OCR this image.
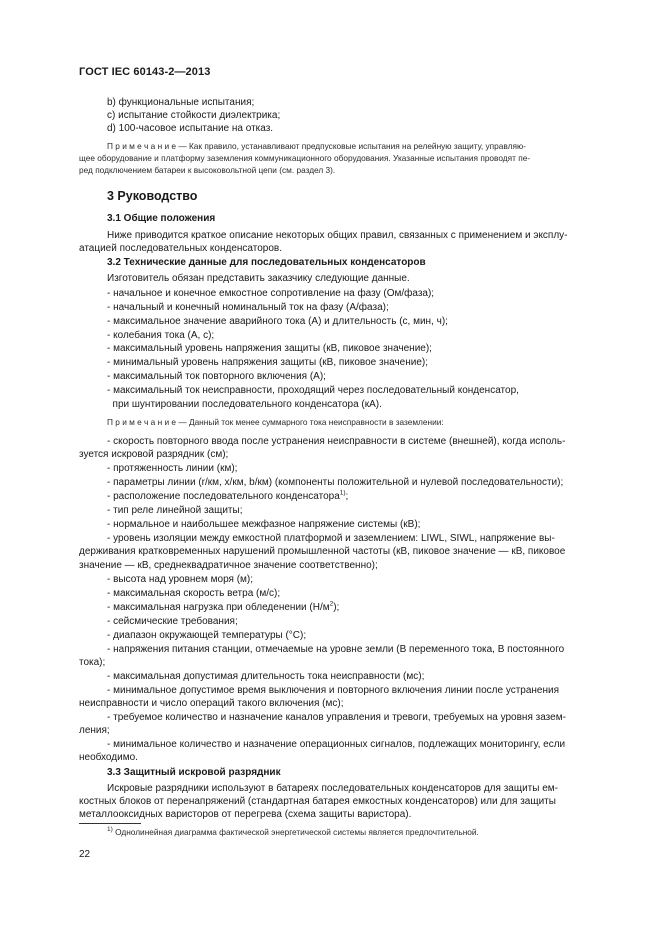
ГОСТ IEC 60143-2—2013
b) функциональные испытания;
c) испытание стойкости диэлектрика;
d) 100-часовое испытание на отказ.
П р и м е ч а н и е — Как правило, устанавливают предпусковые испытания на релейную защиту, управляю-
щее оборудование и платформу заземления коммуникационного оборудования. Указанные испытания проводят пе-
ред подключением батареи к высоковольтной цепи (см. раздел 3).
3 Руководство
3.1 Общие положения
Ниже приводится краткое описание некоторых общих правил, связанных с применением и эксплу-
атацией последовательных конденсаторов.
3.2 Технические данные для последовательных конденсаторов
Изготовитель обязан представить заказчику следующие данные.
- начальное и конечное емкостное сопротивление на фазу (Ом/фаза);
- начальный и конечный номинальный ток на фазу (А/фаза);
- максимальное значение аварийного тока (А) и длительность (с, мин, ч);
- колебания тока (А, с);
- максимальный уровень напряжения защиты (кВ, пиковое значение);
- минимальный уровень напряжения защиты (кВ, пиковое значение);
- максимальный ток повторного включения (А);
- максимальный ток неисправности, проходящий через последовательный конденсатор,
при шунтировании последовательного конденсатора (кА).
П р и м е ч а н и е — Данный ток менее суммарного тока неисправности в заземлении:
- скорость повторного ввода после устранения неисправности в системе (внешней), когда исполь-
зуется искровой разрядник (см);
- протяженность линии (км);
- параметры линии (r/км, x/км, b/км) (компоненты положительной и нулевой последовательности);
- расположение последовательного конденсатора$^{1)}$;
- тип реле линейной защиты;
- нормальное и наибольшее межфазное напряжение системы (кВ);
- уровень изоляции между емкостной платформой и заземлением: LIWL, SIWL, напряжение вы-
держивания кратковременных нарушений промышленной частоты (кВ, пиковое значение — кВ, пиковое
значение — кВ, среднеквадратичное значение соответственно);
- высота над уровнем моря (м);
- максимальная скорость ветра (м/с);
- максимальная нагрузка при обледенении $(Н/м^2)$;
- сейсмические требования;
- диапазон окружающей температуры (°С);
- напряжения питания станции, отмечаемые на уровне земли (В переменного тока, В постоянного
тока);
- максимальная допустимая длительность тока неисправности (мс);
- минимальное допустимое время выключения и повторного включения линии после устранения
неисправности и число операций такого включения (мс);
- требуемое количество и назначение каналов управления и тревоги, требуемых на уровня зазем-
ления;
- минимальное количество и назначение операционных сигналов, подлежащих мониторингу, если
необходимо.
3.3 Защитный искровой разрядник
Искровые разрядники используют в батареях последовательных конденсаторов для защиты ем-
костных блоков от перенапряжений (стандартная батарея емкостных конденсаторов) или для защиты
металлооксидных варисторов от перегрева (схема защиты варистора).
$^{1)}$ Однолинейная диаграмма фактической энергетической системы является предпочтительной.
22
